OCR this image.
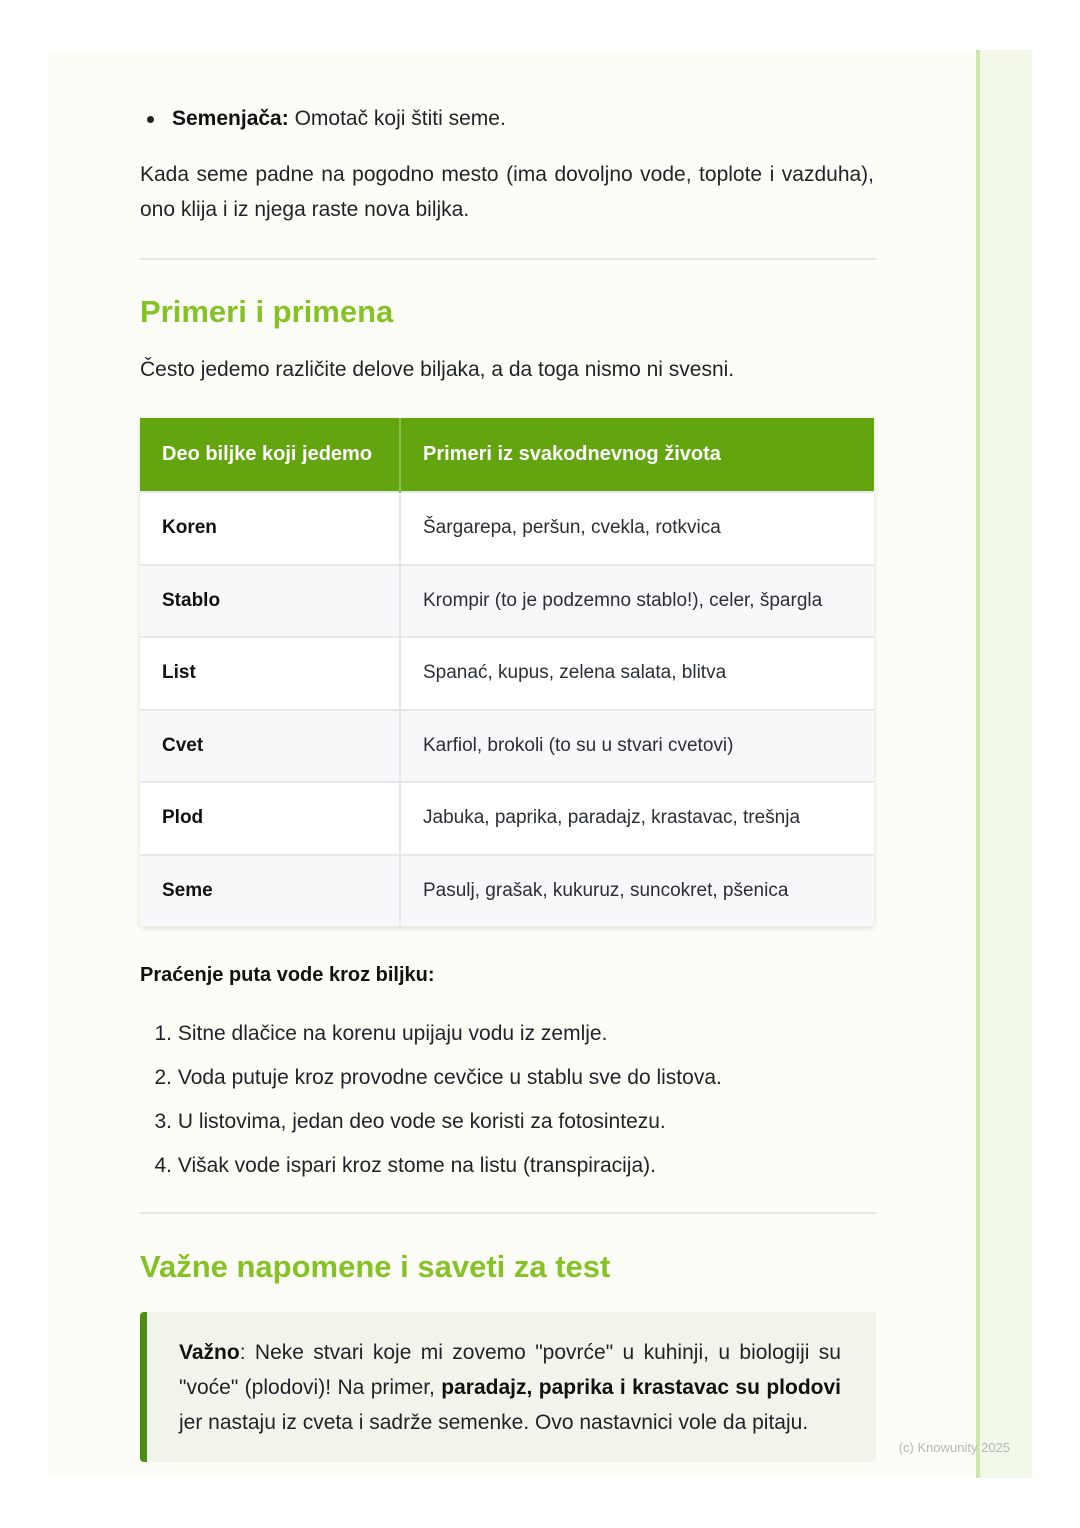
Semenjača: Omotač koji štiti seme.
Kada seme padne na pogodno mesto (ima dovoljno vode, toplote i vazduha), ono klija i iz njega raste nova biljka.
Primeri i primena
Često jedemo različite delove biljaka, a da toga nismo ni svesni.
Deo biljke koji jedemo	Primeri iz svakodnevnog života
Koren	Šargarepa, peršun, cvekla, rotkvica
Stablo	Krompir (to je podzemno stablo!), celer, špargla
List	Spanać, kupus, zelena salata, blitva
Cvet	Karfiol, brokoli (to su u stvari cvetovi)
Plod	Jabuka, paprika, paradajz, krastavac, trešnja
Seme	Pasulj, grašak, kukuruz, suncokret, pšenica
Praćenje puta vode kroz biljku:
1. Sitne dlačice na korenu upijaju vodu iz zemlje.
2. Voda putuje kroz provodne cevčice u stablu sve do listova.
3. U listovima, jedan deo vode se koristi za fotosintezu.
4. Višak vode ispari kroz stome na listu (transpiracija).
Važne napomene i saveti za test
Važno: Neke stvari koje mi zovemo "povrće" u kuhinji, u biologiji su "voće" (plodovi)! Na primer, paradajz, paprika i krastavac su plodovi jer nastaju iz cveta i sadrže semenke. Ovo nastavnici vole da pitaju.
(c) Knowunity 2025
